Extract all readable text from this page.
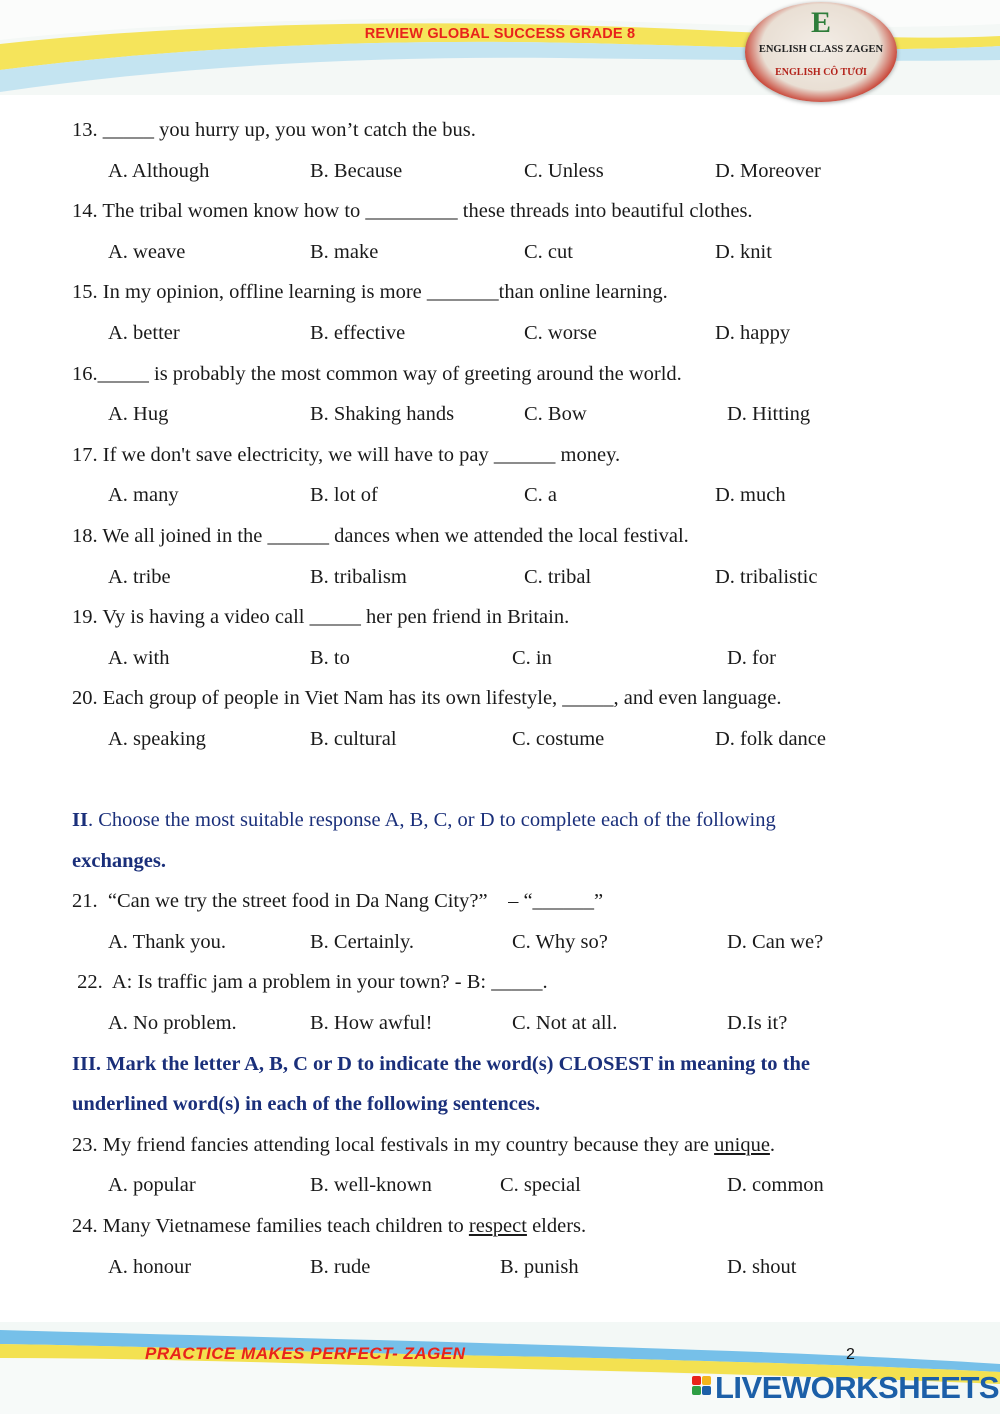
REVIEW GLOBAL SUCCESS GRADE 8	E
ENGLISH CLASS ZAGEN
ENGLISH CÔ TƯƠI
13. _____ you hurry up, you won’t catch the bus.
A. Although	B. Because	C. Unless	D. Moreover
14. The tribal women know how to _________ these threads into beautiful clothes.
A. weave	B. make	C. cut	D. knit
15. In my opinion, offline learning is more _______than online learning.
A. better	B. effective	C. worse	D. happy
16._____ is probably the most common way of greeting around the world.
A. Hug	B. Shaking hands	C. Bow	D. Hitting
17. If we don't save electricity, we will have to pay ______ money.
A. many	B. lot of	C. a	D. much
18. We all joined in the ______ dances when we attended the local festival.
A. tribe	B. tribalism	C. tribal	D. tribalistic
19. Vy is having a video call _____ her pen friend in Britain.
A. with	B. to	C. in	D. for
20. Each group of people in Viet Nam has its own lifestyle, _____, and even language.
A. speaking	B. cultural	C. costume	D. folk dance
II. Choose the most suitable response A, B, C, or D to complete each of the following
exchanges.
21.  “Can we try the street food in Da Nang City?”    – “______”
A. Thank you.	B. Certainly.	C. Why so?	D. Can we?
22.  A: Is traffic jam a problem in your town? - B: _____.
A. No problem.	B. How awful!	C. Not at all.	D.Is it?
III. Mark the letter A, B, C or D to indicate the word(s) CLOSEST in meaning to the
underlined word(s) in each of the following sentences.
23. My friend fancies attending local festivals in my country because they are unique.
A. popular	B. well-known	C. special	D. common
24. Many Vietnamese families teach children to respect elders.
A. honour	B. rude	B. punish	D. shout
PRACTICE MAKES PERFECT- ZAGEN	2
LIVEWORKSHEETS
